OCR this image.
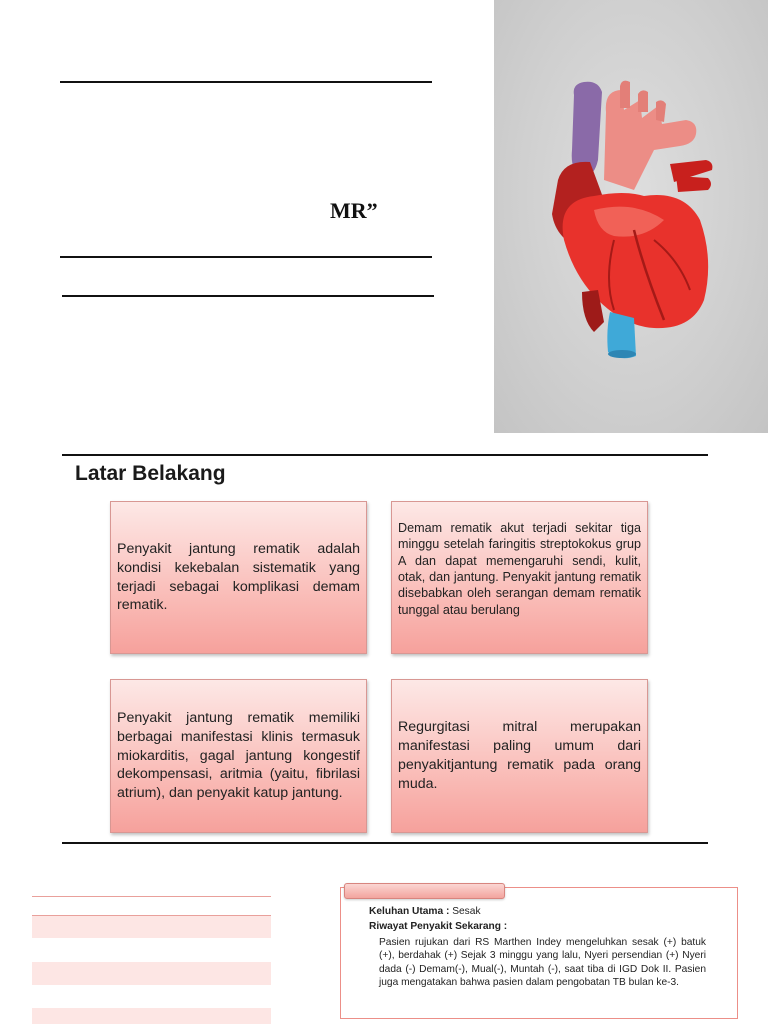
MR”
Latar Belakang

Penyakit jantung rematik adalah kondisi kekebalan sistematik yang terjadi sebagai komplikasi demam rematik.

Demam rematik akut terjadi sekitar tiga minggu setelah faringitis streptokokus grup A dan dapat memengaruhi sendi, kulit, otak, dan jantung. Penyakit jantung rematik disebabkan oleh serangan demam rematik tunggal atau berulang

Penyakit jantung rematik memiliki berbagai manifestasi klinis termasuk miokarditis, gagal jantung kongestif dekompensasi, aritmia (yaitu, fibrilasi atrium), dan penyakit katup jantung.

Regurgitasi mitral merupakan manifestasi paling umum dari penyakitjantung rematik pada orang muda.

Keluhan Utama : Sesak
Riwayat Penyakit Sekarang :
Pasien rujukan dari RS Marthen Indey mengeluhkan sesak (+) batuk (+), berdahak (+) Sejak 3 minggu yang lalu, Nyeri persendian (+) Nyeri dada (-) Demam(-), Mual(-), Muntah (-), saat tiba di IGD Dok II. Pasien juga mengatakan bahwa pasien dalam pengobatan TB bulan ke-3.
